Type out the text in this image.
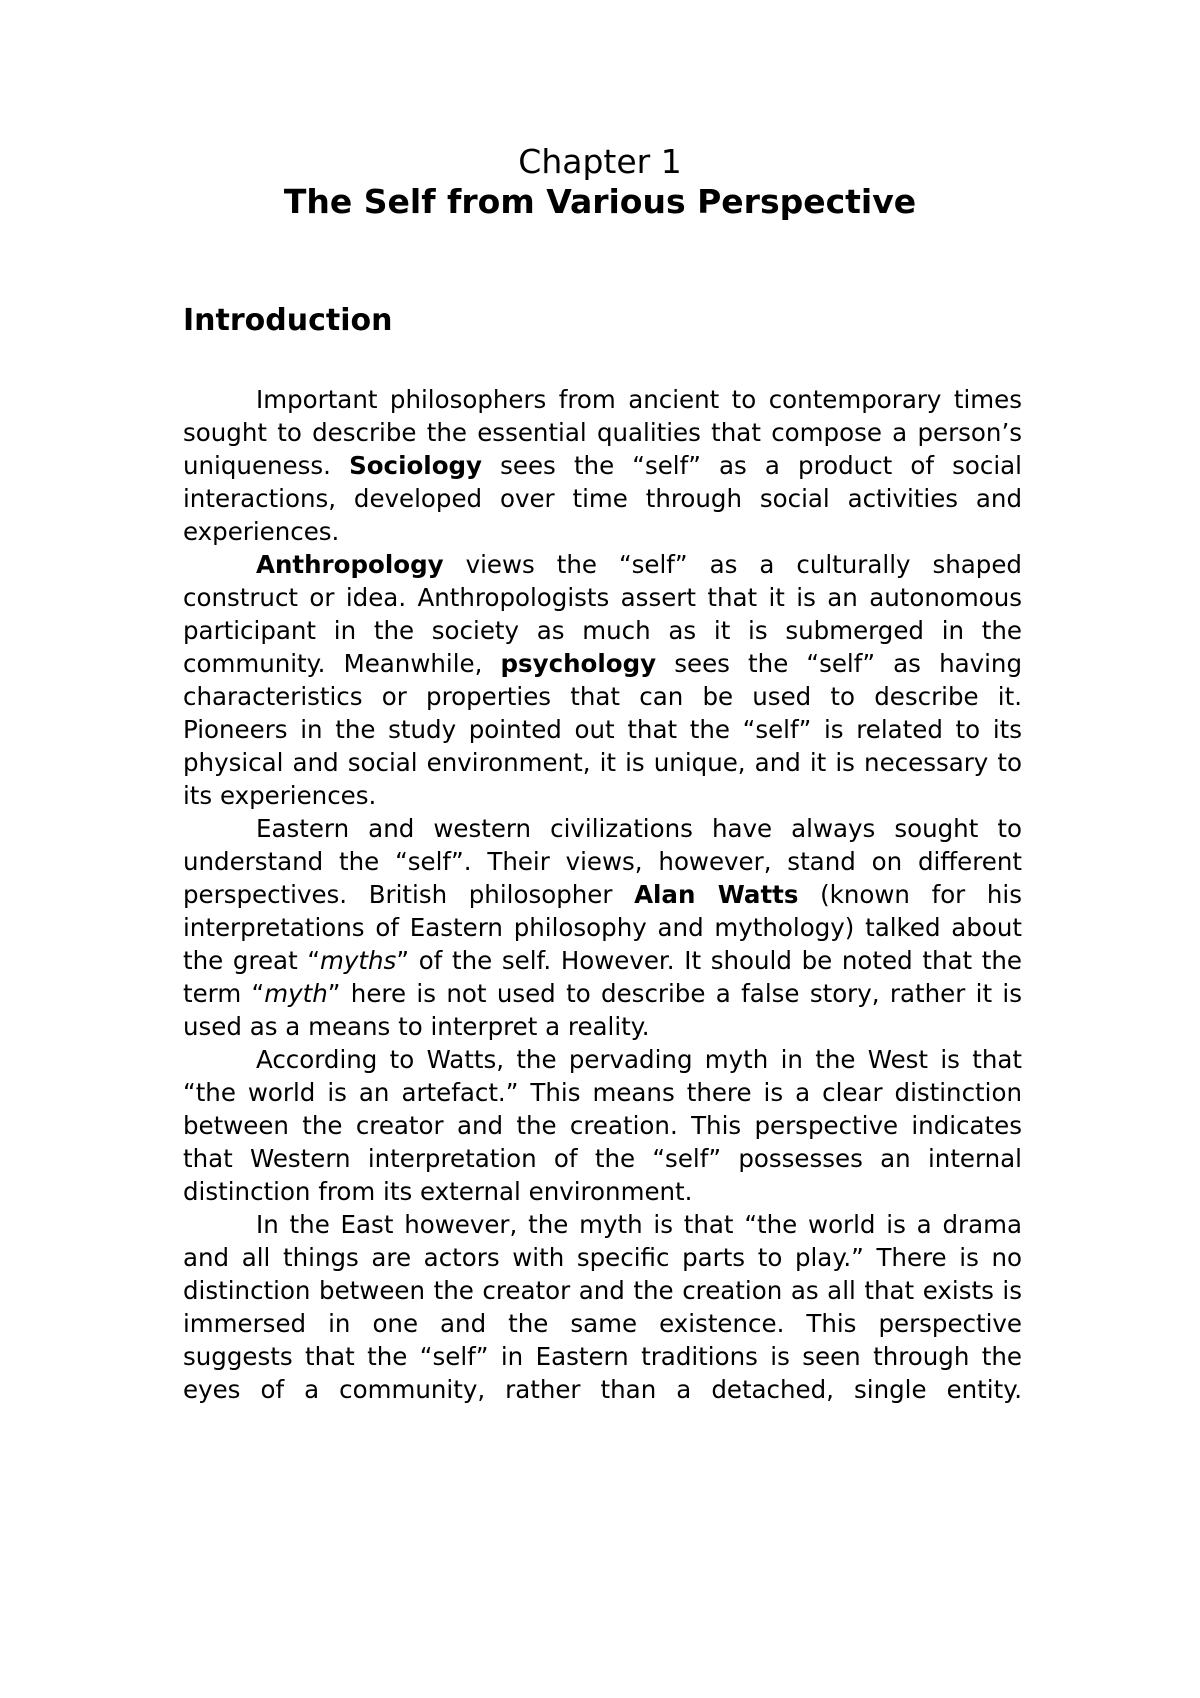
Chapter 1
The Self from Various Perspective
Introduction

Important philosophers from ancient to contemporary times sought to describe the essential qualities that compose a person’s uniqueness. Sociology sees the “self” as a product of social interactions, developed over time through social activities and experiences.

Anthropology views the “self” as a culturally shaped construct or idea. Anthropologists assert that it is an autonomous participant in the society as much as it is submerged in the community. Meanwhile, psychology sees the “self” as having characteristics or properties that can be used to describe it. Pioneers in the study pointed out that the “self” is related to its physical and social environment, it is unique, and it is necessary to its experiences.

Eastern and western civilizations have always sought to understand the “self”. Their views, however, stand on different perspectives. British philosopher Alan Watts (known for his interpretations of Eastern philosophy and mythology) talked about the great “myths” of the self. However. It should be noted that the term “myth” here is not used to describe a false story, rather it is used as a means to interpret a reality.

According to Watts, the pervading myth in the West is that “the world is an artefact.” This means there is a clear distinction between the creator and the creation. This perspective indicates that Western interpretation of the “self” possesses an internal distinction from its external environment.

In the East however, the myth is that “the world is a drama and all things are actors with specific parts to play.” There is no distinction between the creator and the creation as all that exists is immersed in one and the same existence. This perspective suggests that the “self” in Eastern traditions is seen through the eyes of a community, rather than a detached, single entity.
